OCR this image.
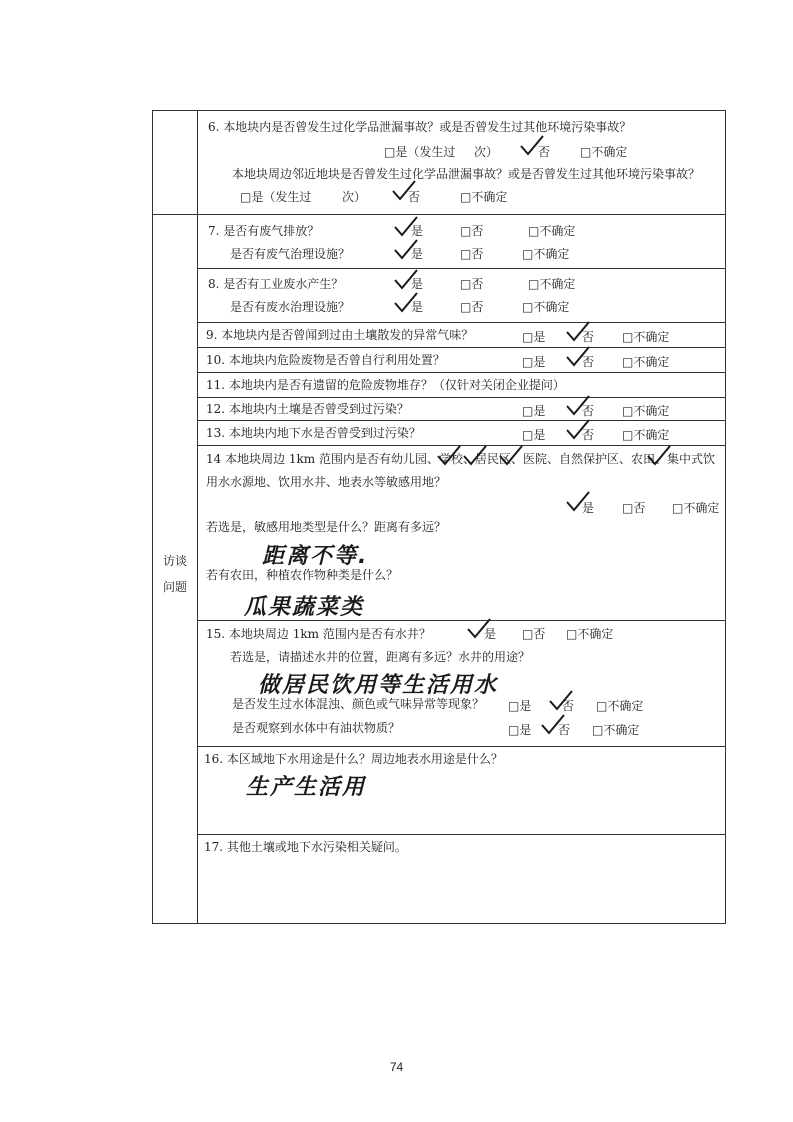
访谈
问题
6. 本地块内是否曾发生过化学品泄漏事故？或是否曾发生过其他环境污染事故？
□是（发生过 次）	否 □不确定
本地块周边邻近地块是否曾发生过化学品泄漏事故？或是否曾发生过其他环境污染事故？
□是（发生过	次）	否	□不确定
7. 是否有废气排放？	是	□否	□不确定
是否有废气治理设施？	是	□否	□不确定
8. 是否有工业废水产生？	是	□否	□不确定
是否有废水治理设施？	是	□否	□不确定
9. 本地块内是否曾闻到过由土壤散发的异常气味？	□是	否 □不确定
10. 本地块内危险废物是否曾自行利用处置？	□是	否 □不确定
11. 本地块内是否有遗留的危险废物堆存？（仅针对关闭企业提问）
12. 本地块内土壤是否曾受到过污染？	□是	否 □不确定
13. 本地块内地下水是否曾受到过污染？	□是	否 □不确定
14 本地块周边 1km 范围内是否有幼儿园、学校、居民区、医院、自然保护区、农田、集中式饮
用水水源地、饮用水井、地表水等敏感用地？
是 □否 □不确定
若选是，敏感用地类型是什么？距离有多远？
距离不等.
若有农田，种植农作物种类是什么？
瓜果蔬菜类
15. 本地块周边 1km 范围内是否有水井？	是 □否 □不确定
若选是，请描述水井的位置，距离有多远？水井的用途？
做居民饮用等生活用水
是否发生过水体混浊、颜色或气味异常等现象？ □是	否 □不确定
是否观察到水体中有油状物质？	□是 否 □不确定
16. 本区域地下水用途是什么？周边地表水用途是什么？
生产生活用
17. 其他土壤或地下水污染相关疑问。
74
